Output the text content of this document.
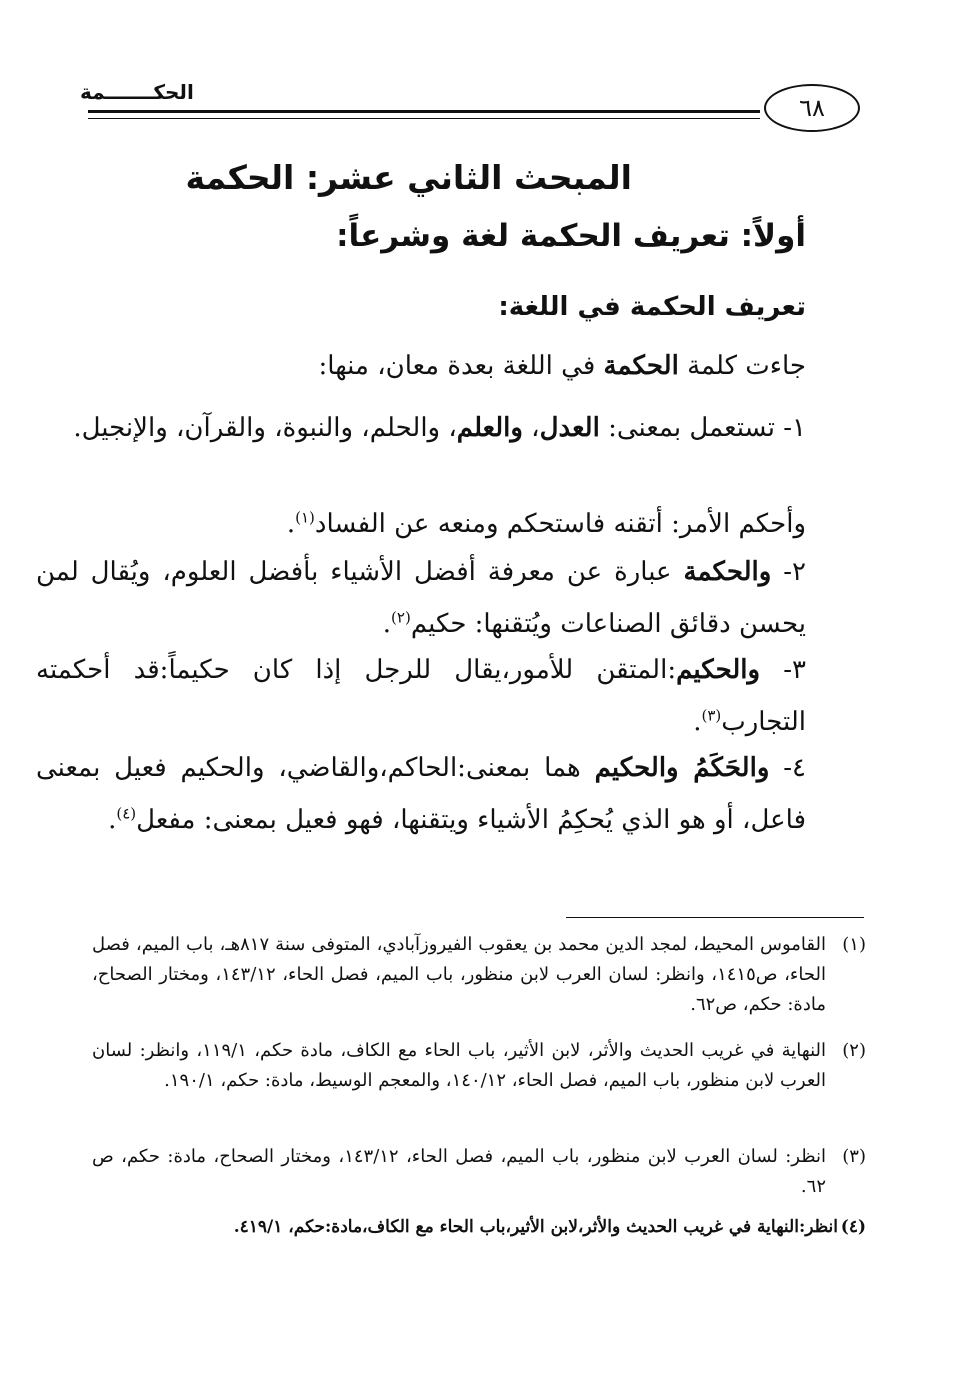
الحكـــــــمة
٦٨
المبحث الثاني عشر: الحكمة
أولاً: تعريف الحكمة لغة وشرعاً:
تعريف الحكمة في اللغة:
جاءت كلمة الحكمة في اللغة بعدة معان، منها:
١- تستعمل بمعنى: العدل، والعلم، والحلم، والنبوة، والقرآن، والإنجيل.
وأحكم الأمر: أتقنه فاستحكم ومنعه عن الفساد$^{(١)}$.
٢- والحكمة عبارة عن معرفة أفضل الأشياء بأفضل العلوم، ويُقال لمن يحسن دقائق الصناعات ويُتقنها: حكيم$^{(٢)}$.
٣- والحكيم:المتقن للأمور،يقال للرجل إذا كان حكيماً:قد أحكمته التجارب$^{(٣)}$.
٤- والحَكَمُ والحكيم هما بمعنى:الحاكم،والقاضي، والحكيم فعيل بمعنى فاعل، أو هو الذي يُحكِمُ الأشياء ويتقنها، فهو فعيل بمعنى: مفعل$^{(٤)}$.
(١)
القاموس المحيط، لمجد الدين محمد بن يعقوب الفيروزآبادي، المتوفى سنة ٨١٧هـ، باب الميم، فصل الحاء، ص١٤١٥، وانظر: لسان العرب لابن منظور، باب الميم، فصل الحاء، ١٤٣/١٢، ومختار الصحاح، مادة: حكم، ص٦٢.
(٢)
النهاية في غريب الحديث والأثر، لابن الأثير، باب الحاء مع الكاف، مادة حكم، ١١٩/١، وانظر: لسان العرب لابن منظور، باب الميم، فصل الحاء، ١٤٠/١٢، والمعجم الوسيط، مادة: حكم، ١٩٠/١.
(٣)
انظر: لسان العرب لابن منظور، باب الميم، فصل الحاء، ١٤٣/١٢، ومختار الصحاح، مادة: حكم، ص ٦٢.
(٤)
انظر:النهاية في غريب الحديث والأثر،لابن الأثير،باب الحاء مع الكاف،مادة:حكم، ٤١٩/١.
